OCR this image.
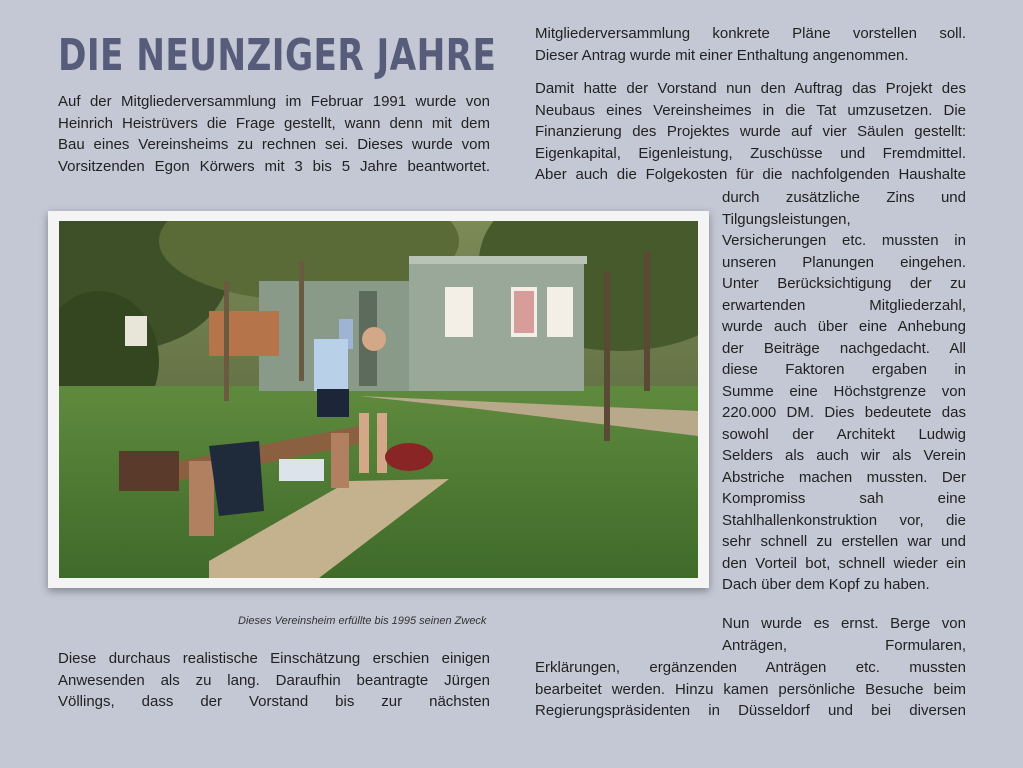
DIE NEUNZIGER JAHRE
Auf der Mitgliederversammlung im Februar 1991 wurde von
Heinrich Heistrüvers die Frage gestellt, wann denn mit dem
Bau eines Vereinsheims zu rechnen sei. Dieses wurde vom
Vorsitzenden Egon Körwers mit 3 bis 5 Jahre beantwortet.
Dieses Vereinsheim erfüllte bis 1995 seinen Zweck
Diese durchaus realistische Einschätzung erschien einigen
Anwesenden als zu lang. Daraufhin beantragte Jürgen
Völlings, dass der Vorstand bis zur nächsten
Mitgliederversammlung konkrete Pläne vorstellen soll.
Dieser Antrag wurde mit einer Enthaltung angenommen.
Damit hatte der Vorstand nun den Auftrag das Projekt des
Neubaus eines Vereinsheimes in die Tat umzusetzen. Die
Finanzierung des Projektes wurde auf vier Säulen gestellt:
Eigenkapital, Eigenleistung, Zuschüsse und Fremdmittel.
Aber auch die Folgekosten für die nachfolgenden Haushalte
durch zusätzliche Zins und
Tilgungsleistungen,
Versicherungen etc. mussten in
unseren Planungen eingehen.
Unter Berücksichtigung der zu
erwartenden Mitgliederzahl,
wurde auch über eine Anhebung
der Beiträge nachgedacht. All
diese Faktoren ergaben in
Summe eine Höchstgrenze von
220.000 DM. Dies bedeutete das
sowohl der Architekt Ludwig
Selders als auch wir als Verein
Abstriche machen mussten. Der
Kompromiss sah eine
Stahlhallenkonstruktion vor, die
sehr schnell zu erstellen war und
den Vorteil bot, schnell wieder ein
Dach über dem Kopf zu haben.
Nun wurde es ernst. Berge von
Anträgen, Formularen,
Erklärungen, ergänzenden Anträgen etc. mussten
bearbeitet werden. Hinzu kamen persönliche Besuche beim
Regierungspräsidenten in Düsseldorf und bei diversen
